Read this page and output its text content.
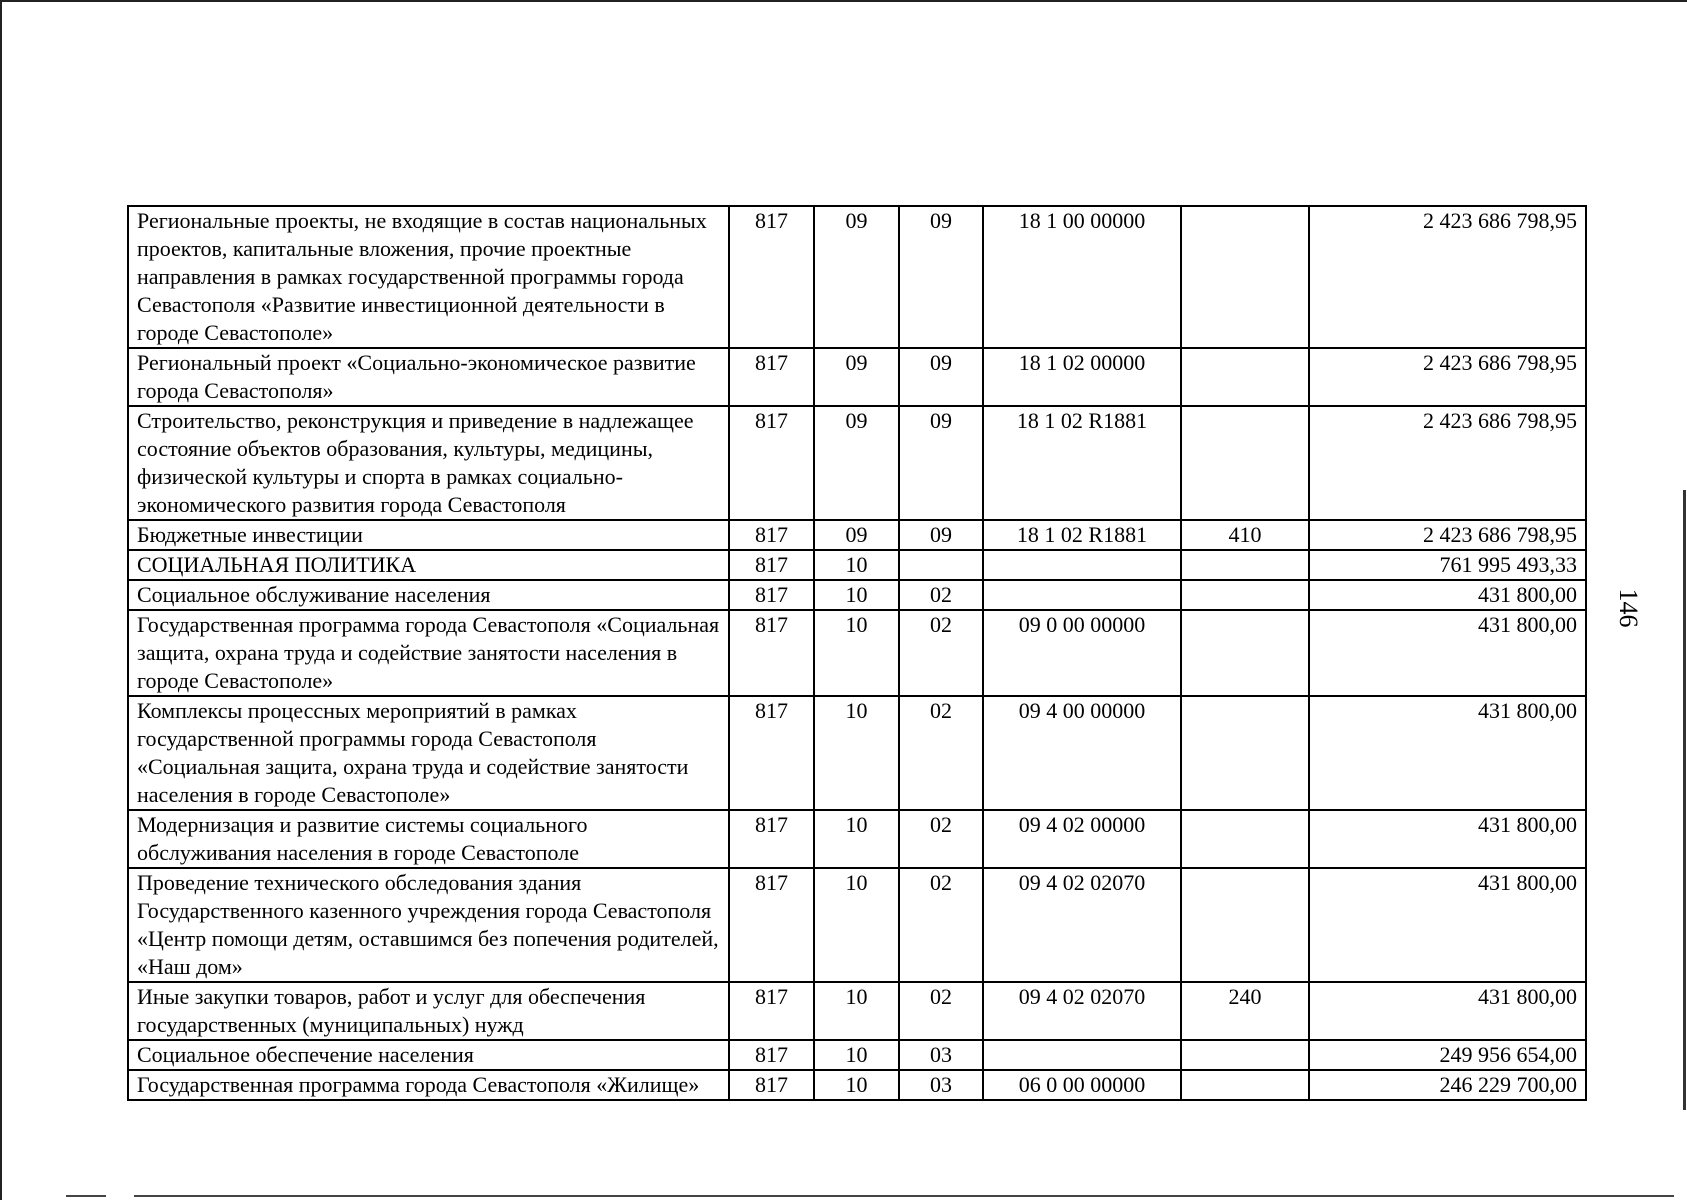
146
Региональные проекты, не входящие в состав национальных проектов, капитальные вложения, прочие проектные направления в рамках государственной программы города Севастополя «Развитие инвестиционной деятельности в городе Севастополе»	817	09	09	18 1 00 00000		2 423 686 798,95
Региональный проект «Социально-экономическое развитие города Севастополя»	817	09	09	18 1 02 00000		2 423 686 798,95
Строительство, реконструкция и приведение в надлежащее состояние объектов образования, культуры, медицины, физической культуры и спорта в рамках социально-экономического развития города Севастополя	817	09	09	18 1 02 R1881		2 423 686 798,95
Бюджетные инвестиции	817	09	09	18 1 02 R1881	410	2 423 686 798,95
СОЦИАЛЬНАЯ ПОЛИТИКА	817	10				761 995 493,33
Социальное обслуживание населения	817	10	02			431 800,00
Государственная программа города Севастополя «Социальная защита, охрана труда и содействие занятости населения в городе Севастополе»	817	10	02	09 0 00 00000		431 800,00
Комплексы процессных мероприятий в рамках государственной программы города Севастополя «Социальная защита, охрана труда и содействие занятости населения в городе Севастополе»	817	10	02	09 4 00 00000		431 800,00
Модернизация и развитие системы социального обслуживания населения в городе Севастополе	817	10	02	09 4 02 00000		431 800,00
Проведение технического обследования здания Государственного казенного учреждения города Севастополя «Центр помощи детям, оставшимся без попечения родителей, «Наш дом»	817	10	02	09 4 02 02070		431 800,00
Иные закупки товаров, работ и услуг для обеспечения государственных (муниципальных) нужд	817	10	02	09 4 02 02070	240	431 800,00
Социальное обеспечение населения	817	10	03			249 956 654,00
Государственная программа города Севастополя «Жилище»	817	10	03	06 0 00 00000		246 229 700,00
